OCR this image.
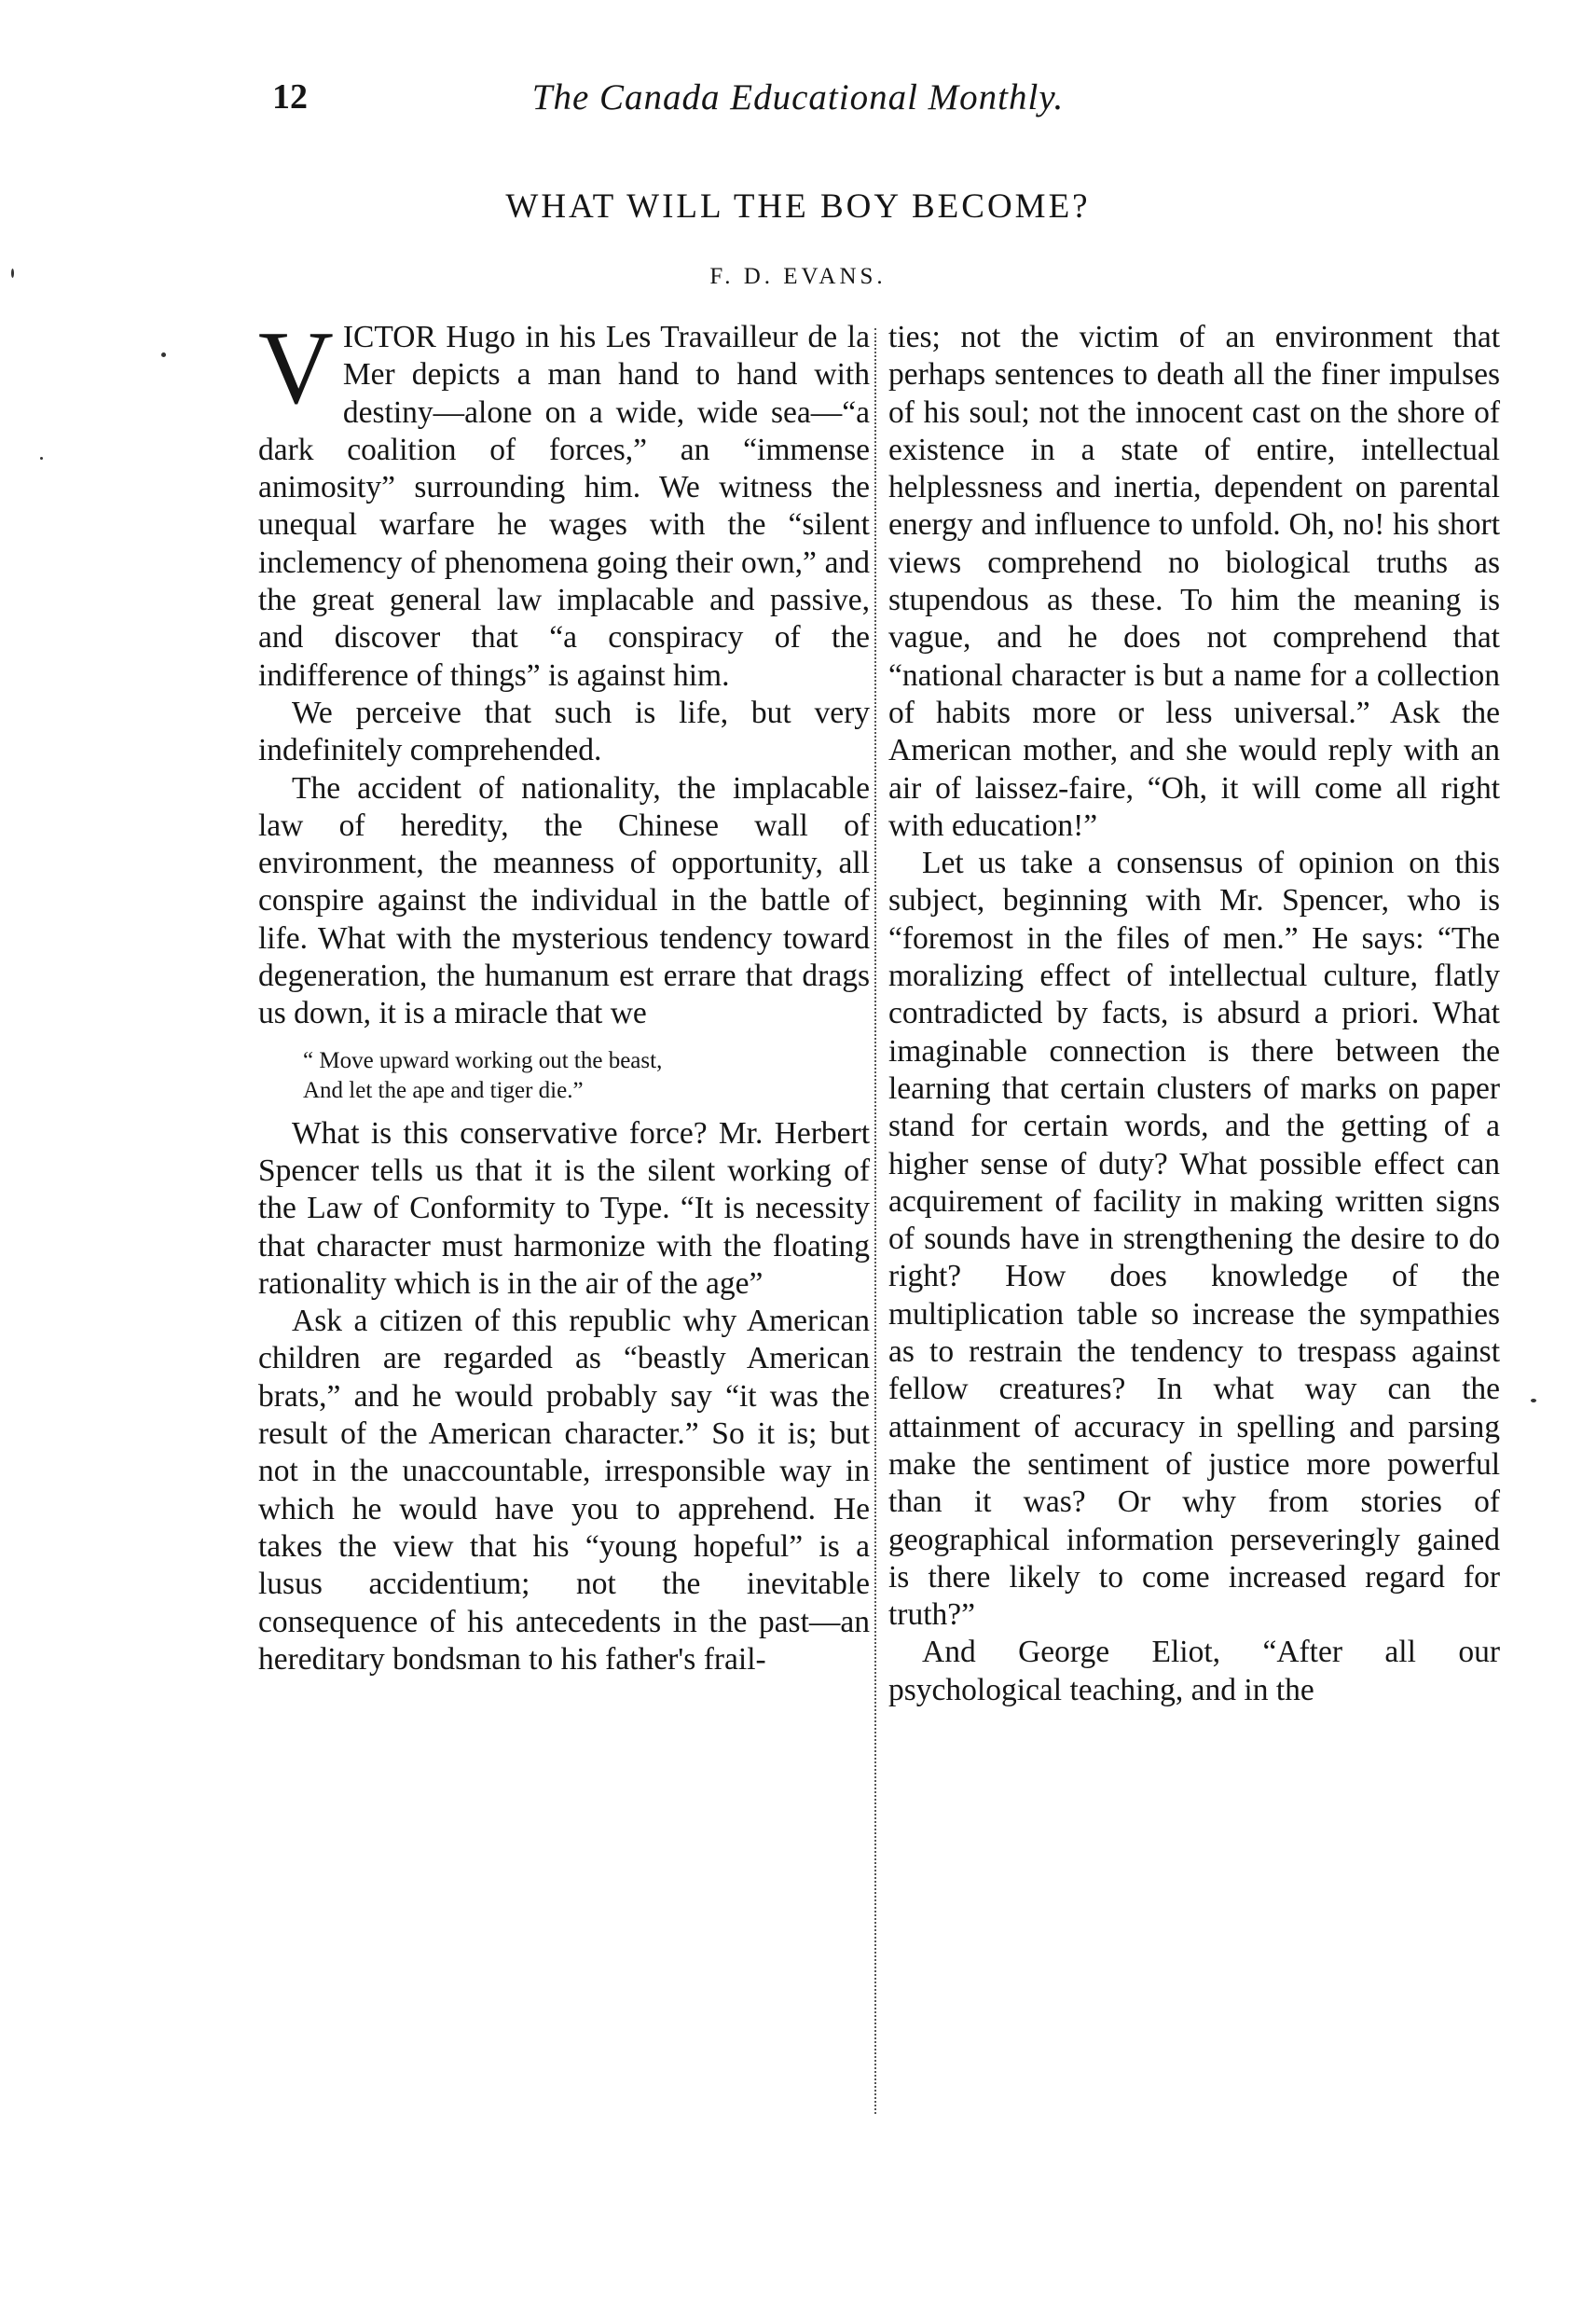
12	The Canada Educational Monthly.
WHAT WILL THE BOY BECOME?
F. D. EVANS.

VICTOR Hugo in his Les Travailleur de la Mer depicts a man hand to hand with destiny—alone on a wide, wide sea—“a dark coalition of forces,” an “immense animosity” surrounding him. We witness the unequal warfare he wages with the “silent inclemency of phenomena going their own,” and the great general law implacable and passive, and discover that “a conspiracy of the indifference of things” is against him.

We perceive that such is life, but very indefinitely comprehended.

The accident of nationality, the implacable law of heredity, the Chinese wall of environment, the meanness of opportunity, all conspire against the individual in the battle of life. What with the mysterious tendency toward degeneration, the humanum est errare that drags us down, it is a miracle that we

“ Move upward working out the beast,
And let the ape and tiger die.”

What is this conservative force? Mr. Herbert Spencer tells us that it is the silent working of the Law of Conformity to Type. “It is necessity that character must harmonize with the floating rationality which is in the air of the age”

Ask a citizen of this republic why American children are regarded as “beastly American brats,” and he would probably say “it was the result of the American character.” So it is; but not in the unaccountable, irresponsible way in which he would have you to apprehend. He takes the view that his “young hopeful” is a lusus accidentium; not the inevitable consequence of his antecedents in the past—an hereditary bondsman to his father's frail-

ties; not the victim of an environment that perhaps sentences to death all the finer impulses of his soul; not the innocent cast on the shore of existence in a state of entire, intellectual helplessness and inertia, dependent on parental energy and influence to unfold. Oh, no! his short views comprehend no biological truths as stupendous as these. To him the meaning is vague, and he does not comprehend that “national character is but a name for a collection of habits more or less universal.” Ask the American mother, and she would reply with an air of laissez-faire, “Oh, it will come all right with education!”

Let us take a consensus of opinion on this subject, beginning with Mr. Spencer, who is “foremost in the files of men.” He says: “The moralizing effect of intellectual culture, flatly contradicted by facts, is absurd a priori. What imaginable connection is there between the learning that certain clusters of marks on paper stand for certain words, and the getting of a higher sense of duty? What possible effect can acquirement of facility in making written signs of sounds have in strengthening the desire to do right? How does knowledge of the multiplication table so increase the sympathies as to restrain the tendency to trespass against fellow creatures? In what way can the attainment of accuracy in spelling and parsing make the sentiment of justice more powerful than it was? Or why from stories of geographical information perseveringly gained is there likely to come increased regard for truth?”

And George Eliot, “After all our psychological teaching, and in the
